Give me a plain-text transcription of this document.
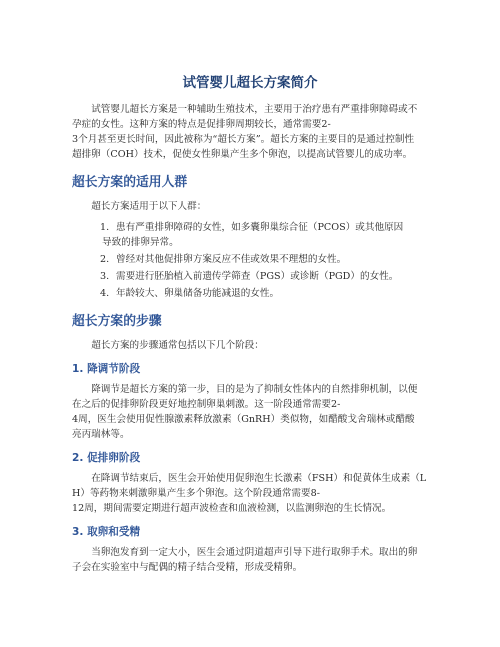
试管婴儿超长方案简介

试管婴儿超长方案是一种辅助生殖技术，主要用于治疗患有严重排卵障碍或不

孕症的女性。这种方案的特点是促排卵周期较长，通常需要2-

3个月甚至更长时间，因此被称为“超长方案”。超长方案的主要目的是通过控制性

超排卵（COH）技术，促使女性卵巢产生多个卵泡，以提高试管婴儿的成功率。

超长方案的适用人群
超长方案适用于以下人群：
1. 患有严重排卵障碍的女性，如多囊卵巢综合征（PCOS）或其他原因
导致的排卵异常。
2. 曾经对其他促排卵方案反应不佳或效果不理想的女性。
3. 需要进行胚胎植入前遗传学筛查（PGS）或诊断（PGD）的女性。
4. 年龄较大、卵巢储备功能减退的女性。
超长方案的步骤
超长方案的步骤通常包括以下几个阶段：
1. 降调节阶段

降调节是超长方案的第一步，目的是为了抑制女性体内的自然排卵机制，以便

在之后的促排卵阶段更好地控制卵巢刺激。这一阶段通常需要2-

4周，医生会使用促性腺激素释放激素（GnRH）类似物，如醋酸戈舍瑞林或醋酸

亮丙瑞林等。

2. 促排卵阶段

在降调节结束后，医生会开始使用促卵泡生长激素（FSH）和促黄体生成素（L

H）等药物来刺激卵巢产生多个卵泡。这个阶段通常需要8-

12周，期间需要定期进行超声波检查和血液检测，以监测卵泡的生长情况。

3. 取卵和受精

当卵泡发育到一定大小，医生会通过阴道超声引导下进行取卵手术。取出的卵

子会在实验室中与配偶的精子结合受精，形成受精卵。
